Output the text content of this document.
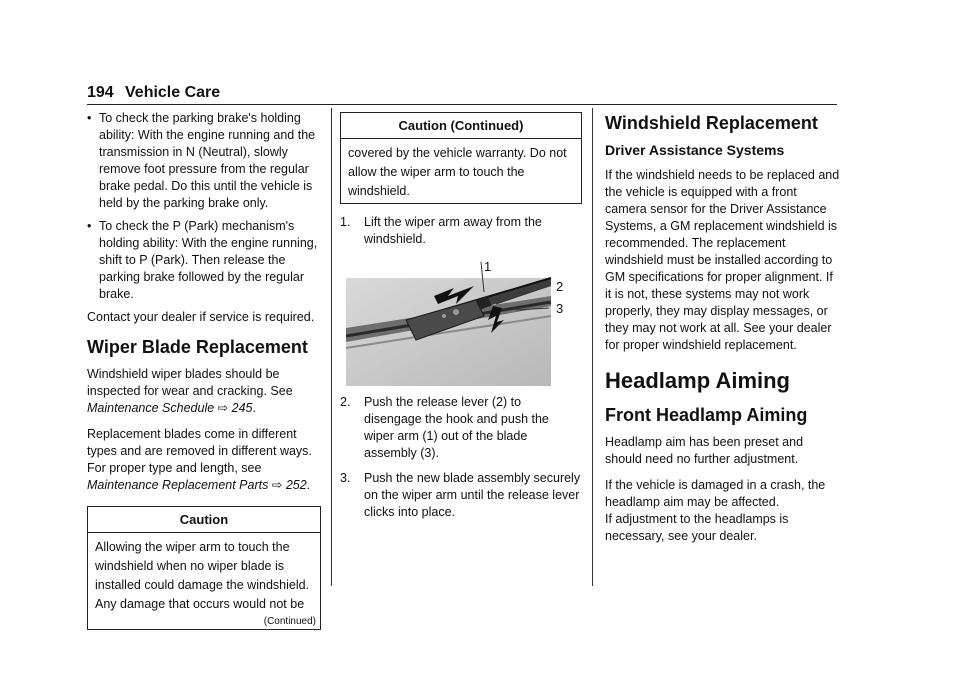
194 Vehicle Care
• To check the parking brake's holding ability: With the engine running and the transmission in N (Neutral), slowly remove foot pressure from the regular brake pedal. Do this until the vehicle is held by the parking brake only.
• To check the P (Park) mechanism's holding ability: With the engine running, shift to P (Park). Then release the parking brake followed by the regular brake.

Contact your dealer if service is required.

Wiper Blade Replacement

Windshield wiper blades should be inspected for wear and cracking. See Maintenance Schedule ⇨ 245.

Replacement blades come in different types and are removed in different ways. For proper type and length, see Maintenance Replacement Parts ⇨ 252.

Caution
Allowing the wiper arm to touch the windshield when no wiper blade is installed could damage the windshield. Any damage that occurs would not be
(Continued)
Caution (Continued)
covered by the vehicle warranty. Do not allow the wiper arm to touch the windshield.
1. Lift the wiper arm away from the windshield.
1
2
3
2. Push the release lever (2) to disengage the hook and push the wiper arm (1) out of the blade assembly (3).
3. Push the new blade assembly securely on the wiper arm until the release lever clicks into place.
Windshield Replacement
Driver Assistance Systems

If the windshield needs to be replaced and the vehicle is equipped with a front camera sensor for the Driver Assistance Systems, a GM replacement windshield is recommended. The replacement windshield must be installed according to GM specifications for proper alignment. If it is not, these systems may not work properly, they may display messages, or they may not work at all. See your dealer for proper windshield replacement.

Headlamp Aiming
Front Headlamp Aiming

Headlamp aim has been preset and should need no further adjustment.

If the vehicle is damaged in a crash, the headlamp aim may be affected.

If adjustment to the headlamps is necessary, see your dealer.
